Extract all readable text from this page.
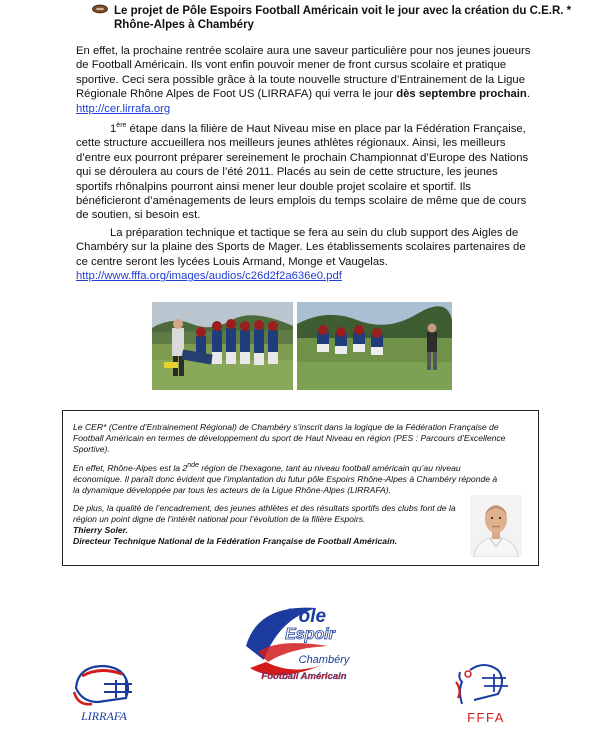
Le projet de Pôle Espoirs Football Américain voit le jour avec la création du C.E.R. *
Rhône-Alpes à Chambéry
En effet, la prochaine rentrée scolaire aura une saveur particulière pour nos jeunes joueurs de Football Américain. Ils vont enfin pouvoir mener de front cursus scolaire et pratique sportive. Ceci sera possible grâce à la toute nouvelle structure d’Entrainement de la Ligue Régionale Rhône Alpes de Foot US (LIRRAFA) qui verra le jour dès septembre prochain.
http://cer.lirrafa.org
1ère étape dans la filière de Haut Niveau mise en place par la Fédération Française, cette structure accueillera nos meilleurs jeunes athlètes régionaux. Ainsi, les meilleurs d’entre eux pourront préparer sereinement le prochain Championnat d’Europe des Nations qui se déroulera au cours de l’été 2011. Placés au sein de cette structure, les jeunes sportifs rhônalpins pourront ainsi mener leur double projet scolaire et sportif. Ils bénéficieront d’aménagements de leurs emplois du temps scolaire de même que de cours de soutien, si besoin est.
La préparation technique et tactique se fera au sein du club support des Aigles de Chambéry sur la plaine des Sports de Mager. Les établissements scolaires partenaires de ce centre seront les lycées Louis Armand, Monge et Vaugelas.
http://www.fffa.org/images/audios/c26d2f2a636e0.pdf

Le CER* (Centre d’Entrainement Régional) de Chambéry s’inscrit dans la logique de la Fédération Française de Football Américain en termes de développement du sport de Haut Niveau en région (PES : Parcours d’Excellence Sportive).

En effet, Rhône-Alpes est la 2nde région de l’hexagone, tant au niveau football américain qu’au niveau économique. Il paraît donc évident que l’implantation du futur pôle Espoirs Rhône-Alpes à Chambéry réponde à la dynamique développée par tous les acteurs de la Ligue Rhône-Alpes (LIRRAFA).

De plus, la qualité de l’encadrement, des jeunes athlètes et des résultats sportifs des clubs font de la région un point digne de l’intérêt national pour l’évolution de la filière Espoirs.

Thierry Soler.

Directeur Technique National de la Fédération Française de Football Américain.

Pole
Espoir
Chambéry
Football Américain
LIRRAFA	FFFA
